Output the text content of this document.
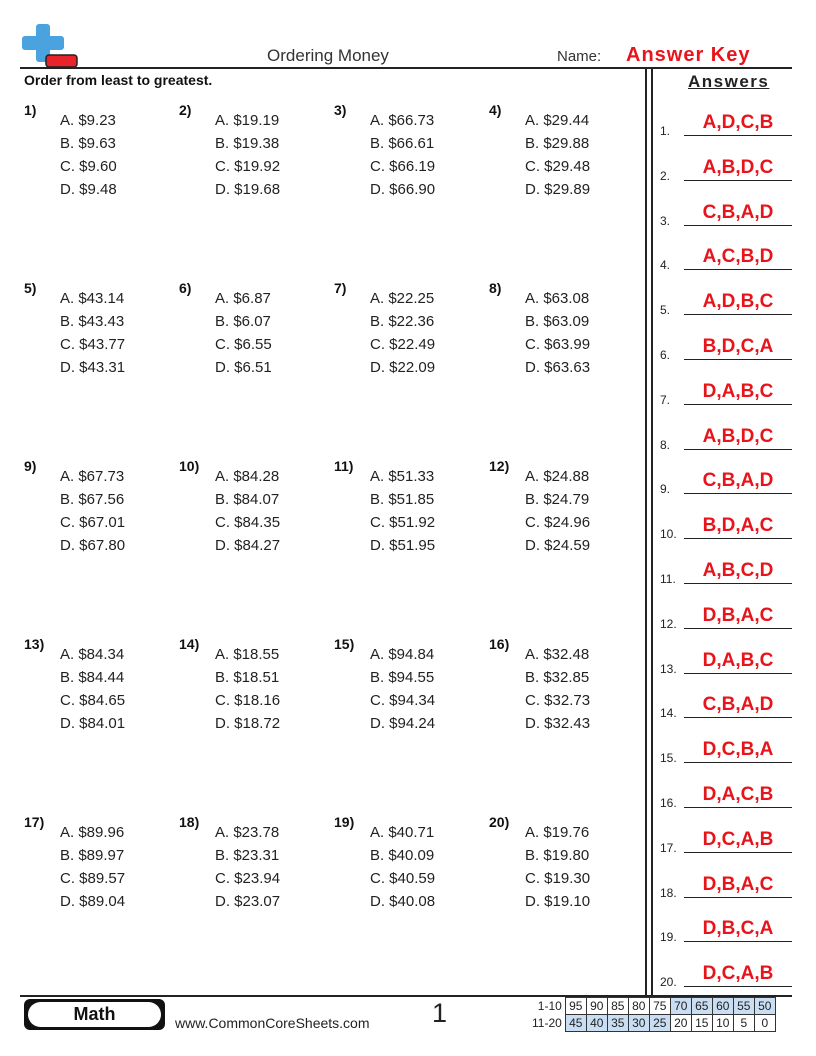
Ordering Money	Name: Answer Key
Order from least to greatest.	Answers
1)
A. $9.23
B. $9.63
C. $9.60
D. $9.48
2)
A. $19.19
B. $19.38
C. $19.92
D. $19.68
3)
A. $66.73
B. $66.61
C. $66.19
D. $66.90
4)
A. $29.44
B. $29.88
C. $29.48
D. $29.89
5)
A. $43.14
B. $43.43
C. $43.77
D. $43.31
6)
A. $6.87
B. $6.07
C. $6.55
D. $6.51
7)
A. $22.25
B. $22.36
C. $22.49
D. $22.09
8)
A. $63.08
B. $63.09
C. $63.99
D. $63.63
9)
A. $67.73
B. $67.56
C. $67.01
D. $67.80
10)
A. $84.28
B. $84.07
C. $84.35
D. $84.27
11)
A. $51.33
B. $51.85
C. $51.92
D. $51.95
12)
A. $24.88
B. $24.79
C. $24.96
D. $24.59
13)
A. $84.34
B. $84.44
C. $84.65
D. $84.01
14)
A. $18.55
B. $18.51
C. $18.16
D. $18.72
15)
A. $94.84
B. $94.55
C. $94.34
D. $94.24
16)
A. $32.48
B. $32.85
C. $32.73
D. $32.43
17)
A. $89.96
B. $89.97
C. $89.57
D. $89.04
18)
A. $23.78
B. $23.31
C. $23.94
D. $23.07
19)
A. $40.71
B. $40.09
C. $40.59
D. $40.08
20)
A. $19.76
B. $19.80
C. $19.30
D. $19.10
1.	A,D,C,B
2.	A,B,D,C
3.	C,B,A,D
4.	A,C,B,D
5.	A,D,B,C
6.	B,D,C,A
7.	D,A,B,C
8.	A,B,D,C
9.	C,B,A,D
10.	B,D,A,C
11.	A,B,C,D
12.	D,B,A,C
13.	D,A,B,C
14.	C,B,A,D
15.	D,C,B,A
16.	D,A,C,B
17.	D,C,A,B
18.	D,B,A,C
19.	D,B,C,A
20.	D,C,A,B
Math	www.CommonCoreSheets.com 1	1-10	95	90	85	80	75	70	65	60	55	50
11-20	45	40	35	30	25	20	15	10	5	0
